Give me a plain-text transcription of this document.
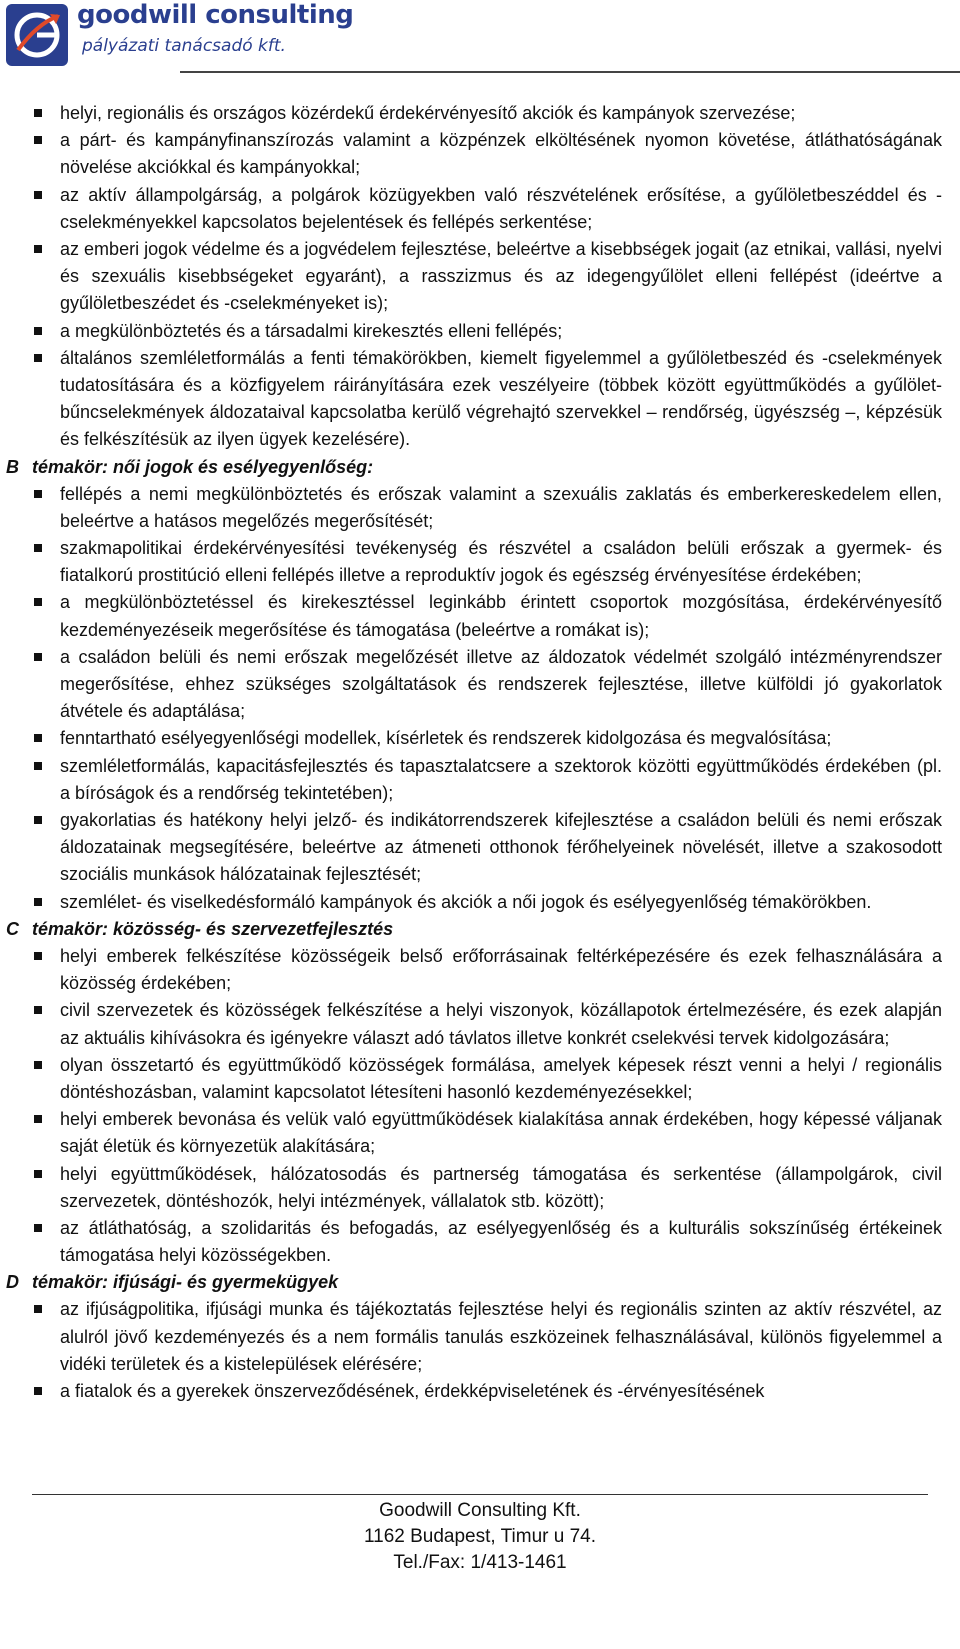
goodwill consulting
pályázati tanácsadó kft.
helyi, regionális és országos közérdekű érdekérvényesítő akciók és kampányok szervezése;
a párt- és kampányfinanszírozás valamint a közpénzek elköltésének nyomon követése, átláthatóságának növelése akciókkal és kampányokkal;
az aktív állampolgárság, a polgárok közügyekben való részvételének erősítése, a gyűlöletbeszéddel és -cselekményekkel kapcsolatos bejelentések és fellépés serkentése;
az emberi jogok védelme és a jogvédelem fejlesztése, beleértve a kisebbségek jogait (az etnikai, vallási, nyelvi és szexuális kisebbségeket egyaránt), a rasszizmus és az idegengyűlölet elleni fellépést (ideértve a gyűlöletbeszédet és -cselekményeket is);
a megkülönböztetés és a társadalmi kirekesztés elleni fellépés;
általános szemléletformálás a fenti témakörökben, kiemelt figyelemmel a gyűlöletbeszéd és -cselekmények tudatosítására és a közfigyelem ráirányítására ezek veszélyeire (többek között együttműködés a gyűlölet-bűncselekmények áldozataival kapcsolatba kerülő végrehajtó szervekkel – rendőrség, ügyészség –, képzésük és felkészítésük az ilyen ügyek kezelésére).
B témakör: női jogok és esélyegyenlőség:
fellépés a nemi megkülönböztetés és erőszak valamint a szexuális zaklatás és emberkereskedelem ellen, beleértve a hatásos megelőzés megerősítését;
szakmapolitikai érdekérvényesítési tevékenység és részvétel a családon belüli erőszak a gyermek- és fiatalkorú prostitúció elleni fellépés illetve a reproduktív jogok és egészség érvényesítése érdekében;
a megkülönböztetéssel és kirekesztéssel leginkább érintett csoportok mozgósítása, érdekérvényesítő kezdeményezéseik megerősítése és támogatása (beleértve a romákat is);
a családon belüli és nemi erőszak megelőzését illetve az áldozatok védelmét szolgáló intézményrendszer megerősítése, ehhez szükséges szolgáltatások és rendszerek fejlesztése, illetve külföldi jó gyakorlatok átvétele és adaptálása;
fenntartható esélyegyenlőségi modellek, kísérletek és rendszerek kidolgozása és megvalósítása;
szemléletformálás, kapacitásfejlesztés és tapasztalatcsere a szektorok közötti együttműködés érdekében (pl. a bíróságok és a rendőrség tekintetében);
gyakorlatias és hatékony helyi jelző- és indikátorrendszerek kifejlesztése a családon belüli és nemi erőszak áldozatainak megsegítésére, beleértve az átmeneti otthonok férőhelyeinek növelését, illetve a szakosodott szociális munkások hálózatainak fejlesztését;
szemlélet- és viselkedésformáló kampányok és akciók a női jogok és esélyegyenlőség témakörökben.
C témakör: közösség- és szervezetfejlesztés
helyi emberek felkészítése közösségeik belső erőforrásainak feltérképezésére és ezek felhasználására a közösség érdekében;
civil szervezetek és közösségek felkészítése a helyi viszonyok, közállapotok értelmezésére, és ezek alapján az aktuális kihívásokra és igényekre választ adó távlatos illetve konkrét cselekvési tervek kidolgozására;
olyan összetartó és együttműködő közösségek formálása, amelyek képesek részt venni a helyi / regionális döntéshozásban, valamint kapcsolatot létesíteni hasonló kezdeményezésekkel;
helyi emberek bevonása és velük való együttműködések kialakítása annak érdekében, hogy képessé váljanak saját életük és környezetük alakítására;
helyi együttműködések, hálózatosodás és partnerség támogatása és serkentése (állampolgárok, civil szervezetek, döntéshozók, helyi intézmények, vállalatok stb. között);
az átláthatóság, a szolidaritás és befogadás, az esélyegyenlőség és a kulturális sokszínűség értékeinek támogatása helyi közösségekben.
D témakör: ifjúsági- és gyermekügyek
az ifjúságpolitika, ifjúsági munka és tájékoztatás fejlesztése helyi és regionális szinten az aktív részvétel, az alulról jövő kezdeményezés és a nem formális tanulás eszközeinek felhasználásával, különös figyelemmel a vidéki területek és a kistelepülések elérésére;
a fiatalok és a gyerekek önszerveződésének, érdekképviseletének és -érvényesítésének
Goodwill Consulting Kft.
1162 Budapest, Timur u 74.
Tel./Fax: 1/413-1461
